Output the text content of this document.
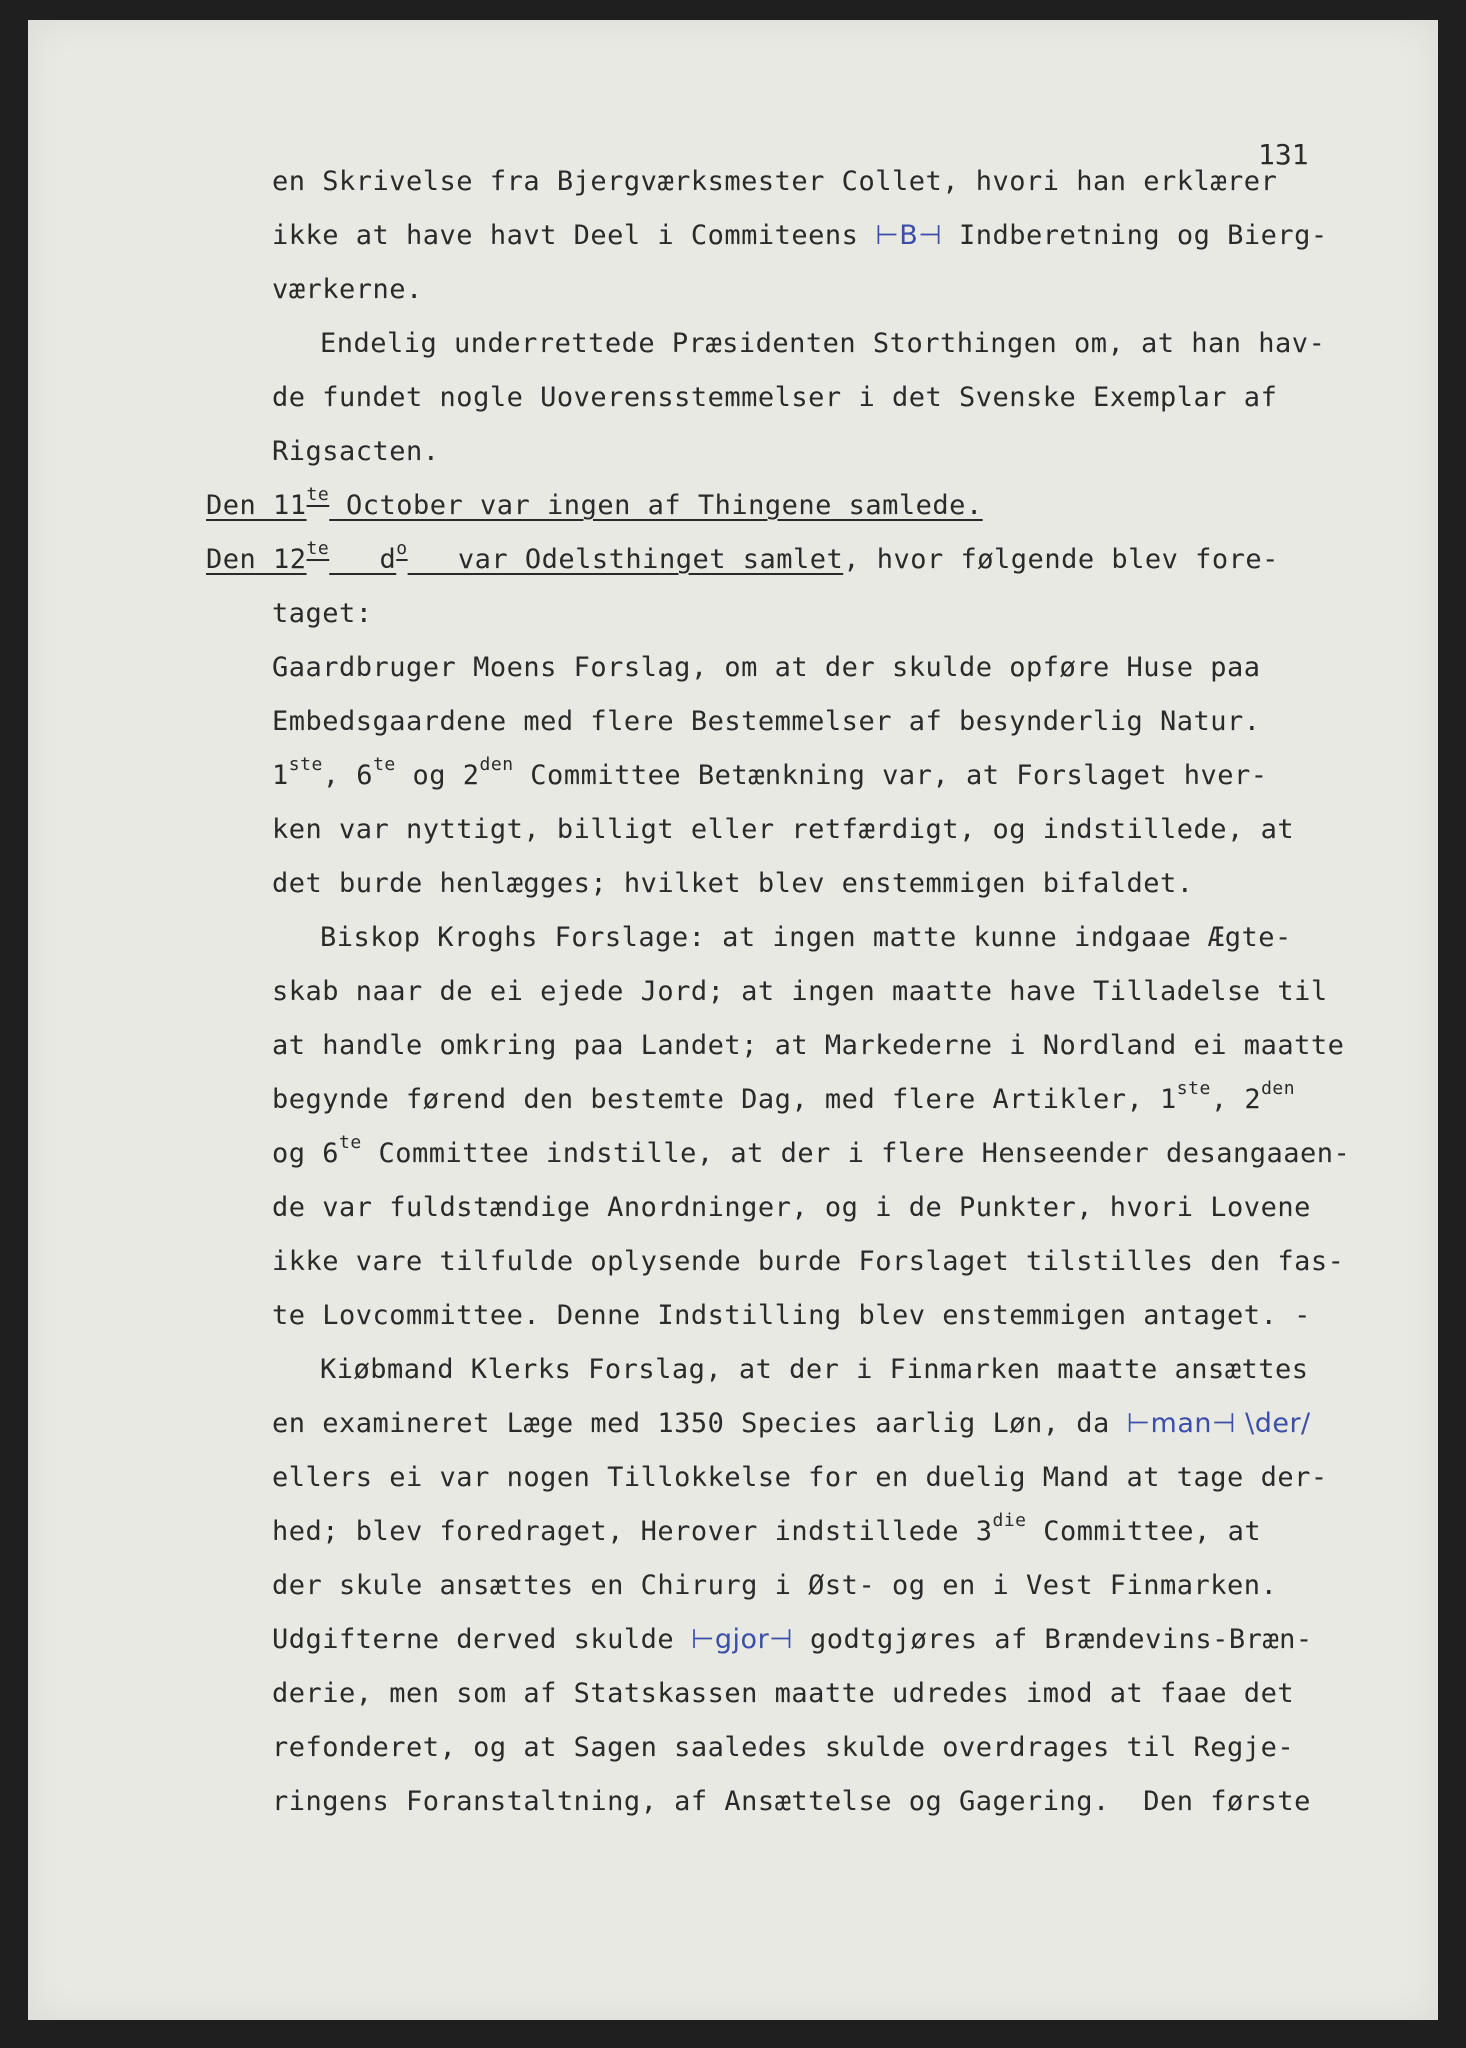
131
en Skrivelse fra Bjergværksmester Collet, hvori han erklærer
ikke at have havt Deel i Commiteens ⊢B⊣ Indberetning og Bierg-
værkerne.
Endelig underrettede Præsidenten Storthingen om, at han hav-
de fundet nogle Uoverensstemmelser i det Svenske Exemplar af
Rigsacten.
Den $11^{te}$ October var ingen af Thingene samlede.
Den $12^{te}$   $d^o$   var Odelsthinget samlet, hvor følgende blev fore-
taget:
Gaardbruger Moens Forslag, om at der skulde opføre Huse paa
Embedsgaardene med flere Bestemmelser af besynderlig Natur.
1ste, $6^{te}$ og $2^{den}$ Committee Betænkning var, at Forslaget hver-
ken var nyttigt, billigt eller retfærdigt, og indstillede, at
det burde henlægges; hvilket blev enstemmigen bifaldet.
Biskop Kroghs Forslage: at ingen matte kunne indgaae Ægte-
skab naar de ei ejede Jord; at ingen maatte have Tilladelse til
at handle omkring paa Landet; at Markederne i Nordland ei maatte
begynde førend den bestemte Dag, med flere Artikler, 1ste, $2^{den}$
og $6^{te}$ Committee indstille, at der i flere Henseender desangaaen-
de var fuldstændige Anordninger, og i de Punkter, hvori Lovene
ikke vare tilfulde oplysende burde Forslaget tilstilles den fas-
te Lovcommittee. Denne Indstilling blev enstemmigen antaget. -
Kiøbmand Klerks Forslag, at der i Finmarken maatte ansættes
en examineret Læge med 1350 Species aarlig Løn, da ⊢man⊣ \der/
ellers ei var nogen Tillokkelse for en duelig Mand at tage der-
hed; blev foredraget, Herover indstillede $3^{die}$ Committee, at
der skule ansættes en Chirurg i Øst- og en i Vest Finmarken.
Udgifterne derved skulde ⊢gjor⊣ godtgjøres af Brændevins-Bræn-
derie, men som af Statskassen maatte udredes imod at faae det
refonderet, og at Sagen saaledes skulde overdrages til Regje-
ringens Foranstaltning, af Ansættelse og Gagering.  Den første
